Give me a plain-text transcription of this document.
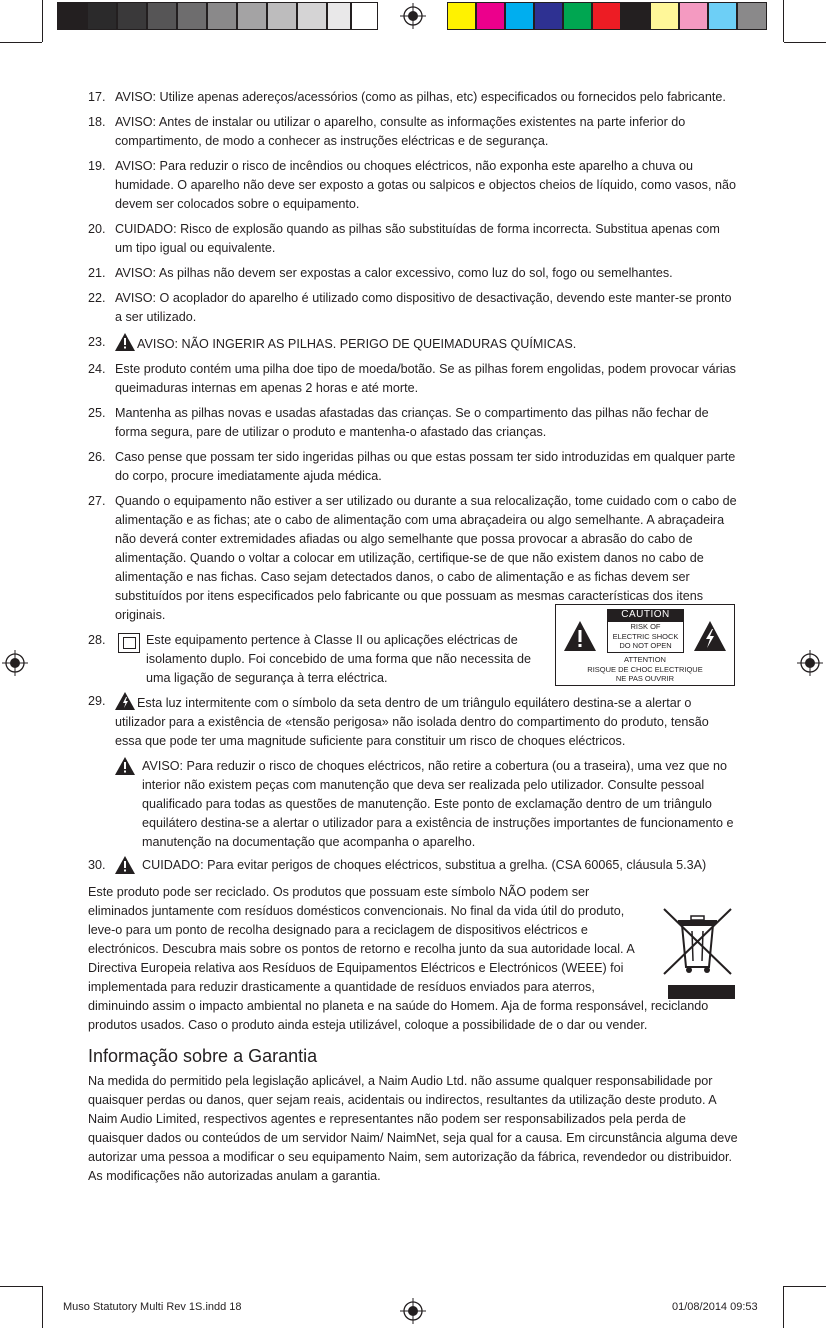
17. AVISO: Utilize apenas adereços/acessórios (como as pilhas, etc) especificados ou fornecidos pelo fabricante.
18. AVISO: Antes de instalar ou utilizar o aparelho, consulte as informações existentes na parte inferior do compartimento, de modo a conhecer as instruções eléctricas e de segurança.
19. AVISO: Para reduzir o risco de incêndios ou choques eléctricos, não exponha este aparelho a chuva ou humidade. O aparelho não deve ser exposto a gotas ou salpicos e objectos cheios de líquido, como vasos, não devem ser colocados sobre o equipamento.
20. CUIDADO: Risco de explosão quando as pilhas são substituídas de forma incorrecta. Substitua apenas com um tipo igual ou equivalente.
21. AVISO: As pilhas não devem ser expostas a calor excessivo, como luz do sol, fogo ou semelhantes.
22. AVISO: O acoplador do aparelho é utilizado como dispositivo de desactivação, devendo este manter-se pronto a ser utilizado.
23. AVISO: NÃO INGERIR AS PILHAS. PERIGO DE QUEIMADURAS QUÍMICAS.
24. Este produto contém uma pilha doe tipo de moeda/botão. Se as pilhas forem engolidas, podem provocar várias queimaduras internas em apenas 2 horas e até morte.
25. Mantenha as pilhas novas e usadas afastadas das crianças. Se o compartimento das pilhas não fechar de forma segura, pare de utilizar o produto e mantenha-o afastado das crianças.
26. Caso pense que possam ter sido ingeridas pilhas ou que estas possam ter sido introduzidas em qualquer parte do corpo, procure imediatamente ajuda médica.
27. Quando o equipamento não estiver a ser utilizado ou durante a sua relocalização, tome cuidado com o cabo de alimentação e as fichas; ate o cabo de alimentação com uma abraçadeira ou algo semelhante. A abraçadeira não deverá conter extremidades afiadas ou algo semelhante que possa provocar a abrasão do cabo de alimentação. Quando o voltar a colocar em utilização, certifique-se de que não existem danos no cabo de alimentação e nas fichas. Caso sejam detectados danos, o cabo de alimentação e as fichas devem ser substituídos por itens especificados pelo fabricante ou que possuam as mesmas características dos itens originais.
28.	Este equipamento pertence à Classe II ou aplicações eléctricas de isolamento duplo. Foi concebido de uma forma que não necessita de uma ligação de segurança à terra eléctrica.
29.	Esta luz intermitente com o símbolo da seta dentro de um triângulo equilátero destina-se a alertar o utilizador para a existência de «tensão perigosa» não isolada dentro do compartimento do produto, tensão essa que pode ter uma magnitude suficiente para constituir um risco de choques eléctricos.
AVISO: Para reduzir o risco de choques eléctricos, não retire a cobertura (ou a traseira), uma vez que no interior não existem peças com manutenção que deva ser realizada pelo utilizador. Consulte pessoal qualificado para todas as questões de manutenção. Este ponto de exclamação dentro de um triângulo equilátero destina-se a alertar o utilizador para a existência de instruções importantes de funcionamento e manutenção na documentação que acompanha o aparelho.
30.	CUIDADO: Para evitar perigos de choques eléctricos, substitua a grelha. (CSA 60065, cláusula 5.3A)
Este produto pode ser reciclado. Os produtos que possuam este símbolo NÃO podem ser eliminados juntamente com resíduos domésticos convencionais. No final da vida útil do produto, leve-o para um ponto de recolha designado para a reciclagem de dispositivos eléctricos e electrónicos. Descubra mais sobre os pontos de retorno e recolha junto da sua autoridade local. A Directiva Europeia relativa aos Resíduos de Equipamentos Eléctricos e Electrónicos (WEEE) foi implementada para reduzir drasticamente a quantidade de resíduos enviados para aterros, diminuindo assim o impacto ambiental no planeta e na saúde do Homem. Aja de forma responsável, reciclando produtos usados. Caso o produto ainda esteja utilizável, coloque a possibilidade de o dar ou vender.
Informação sobre a Garantia
Na medida do permitido pela legislação aplicável, a Naim Audio Ltd. não assume qualquer responsabilidade por quaisquer perdas ou danos, quer sejam reais, acidentais ou indirectos, resultantes da utilização deste produto. A Naim Audio Limited, respectivos agentes e representantes não podem ser responsabilizados pela perda de quaisquer dados ou conteúdos de um servidor Naim/ NaimNet, seja qual for a causa. Em circunstância alguma deve autorizar uma pessoa a modificar o seu equipamento Naim, sem autorização da fábrica, revendedor ou distribuidor. As modificações não autorizadas anulam a garantia.
CAUTION
RISK OF
ELECTRIC SHOCK
DO NOT OPEN
ATTENTION
RISQUE DE CHOC ELECTRIQUE
NE PAS OUVRIR
Muso Statutory Multi Rev 1S.indd 18	01/08/2014 09:53
